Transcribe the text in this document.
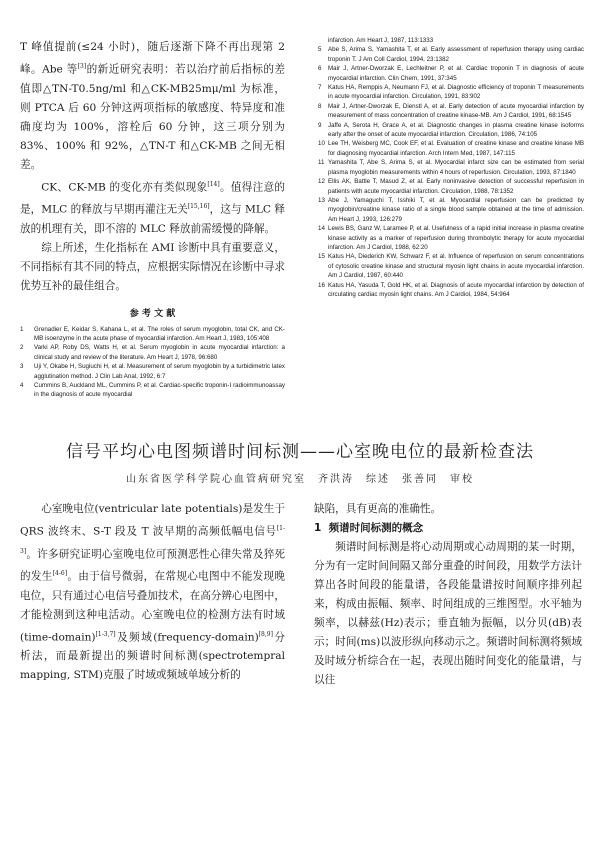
T 峰值提前(≤24 小时)，随后逐渐下降不再出现第 2 峰。Abe 等[3]的新近研究表明：若以治疗前后指标的差值即△TN-T0.5ng/ml 和△CK-MB25mμ/ml 为标准，则 PTCA 后 60 分钟这两项指标的敏感度、特异度和准确度均为 100%，溶栓后 60 分钟，这三项分别为 83%、100% 和 92%，△TN-T 和△CK-MB 之间无相差。

CK、CK-MB 的变化亦有类似现象[14]。值得注意的是，MLC 的释放与早期再灌注无关[15,16]，这与 MLC 释放的机理有关，即不溶的 MLC 释放前需缓慢的降解。

综上所述，生化指标在 AMI 诊断中具有重要意义，不同指标有其不同的特点，应根据实际情况在诊断中寻求优势互补的最佳组合。

参 考 文 献
1	Grenadier E, Keidar S, Kahana L, et al. The roles of serum myoglobin, total CK, and CK-MB isoenzyme in the acute phase of myocardial infarction. Am Heart J, 1983, 105:408
2	Varki AP, Roby DS, Watts H, et al. Serum myoglobin in acute myocardial infarction: a clinical study and review of the literature. Am Heart J, 1978, 96:680
3	Uji Y, Okabe H, Sugiuchi H, et al. Measurement of serum myoglobin by a turbidimetric latex agglutination method. J Clin Lab Anal, 1992, 6:7
4	Cummins B, Auckland ML, Cummins P, et al. Cardiac-specific troponin-I radioimmunoassay in the diagnosis of acute myocardial
infarction. Am Heart J, 1987, 113:1333
5	Abe S, Arima S, Yamashita T, et al. Early assessment of reperfusion therapy using cardiac troponin T. J Am Coll Cardiol, 1994, 23:1382
6	Mair J, Artner-Dworzak E, Lechleitner P, et al. Cardiac troponin T in diagnosis of acute myocardial infarction. Clin Chem, 1991, 37:345
7	Katus HA, Remppis A, Neumann FJ, et al. Diagnostic efficiency of troponin T measurements in acute myocardial infarction. Circulation, 1991, 83:902
8	Mair J, Artner-Dworzak E, Dienstl A, et al. Early detection of acute myocardial infarction by measurement of mass concentration of creatine kinase-MB. Am J Cardiol, 1991, 68:1545
9	Jaffe A, Serota H, Grace A, et al. Diagnostic changes in plasma creatine kinase isoforms early after the onset of acute myocardial infarction. Circulation, 1986, 74:105
10 Lee TH, Weisberg MC, Cook EF, et al. Evaluation of creatine kinase and creatine kinase MB for diagnosing myocardial infarction. Arch Intern Med, 1987, 147:115
11 Yamashita T, Abe S, Arima S, et al. Myocardial infarct size can be estimated from serial plasma myoglobin measurements within 4 hours of reperfusion. Circulation, 1993, 87:1840
12 Ellis AK, Battle T, Masud Z, et al. Early noninvasive detection of successful reperfusion in patients with acute myocardial infarction. Circulation, 1988, 78:1352
13 Abe J, Yamaguchi T, Isshiki T, et al. Myocardial reperfusion can be predicted by myoglobin/creatine kinase ratio of a single blood sample obtained at the time of admission. Am Heart J, 1993, 126:279
14 Lewis BS, Ganz W, Laramee P, et al. Usefulness of a rapid initial increase in plasma creatine kinase activity as a marker of reperfusion during thrombolytic therapy for acute myocardial infarction. Am J Cardiol, 1988, 62:20
15 Katus HA, Diederich KW, Schwarz F, et al. Influence of reperfusion on serum concentrations of cytosolic creatine kinase and structural myosin light chains in acute myocardial infarction. Am J Cardiol, 1987, 60:440
16 Katus HA, Yasuda T, Gold HK, et al. Diagnosis of acute myocardial infarction by detection of circulating cardiac myosin light chains. Am J Cardiol, 1984, 54:964
信号平均心电图频谱时间标测——心室晚电位的最新检查法
山东省医学科学院心血管病研究室　齐洪涛　综述　张善同　审校

心室晚电位(ventricular late potentials)是发生于 QRS 波终末、S-T 段及 T 波早期的高频低幅电信号[1-3]。许多研究证明心室晚电位可预测恶性心律失常及猝死的发生[4-6]。由于信号微弱，在常规心电图中不能发现晚电位，只有通过心电信号叠加技术，在高分辨心电图中，才能检测到这种电活动。心室晚电位的检测方法有时域(time-domain)[1-3,7]及频域(frequency-domain)[8,9]分析法，而最新提出的频谱时间标测(spectrotempral mapping, STM)克服了时域或频域单域分析的

缺陷，具有更高的准确性。

1 频谱时间标测的概念

频谱时间标测是将心动周期或心动周期的某一时期，分为有一定时间间隔又部分重叠的时间段，用数学方法计算出各时间段的能量谱，各段能量谱按时间顺序排列起来，构成由振幅、频率、时间组成的三维图型。水平轴为频率，以赫兹(Hz)表示；垂直轴为振幅，以分贝(dB)表示；时间(ms)以波形纵向移动示之。频谱时间标测将频域及时域分析综合在一起，表现出随时间变化的能量谱，与以往
